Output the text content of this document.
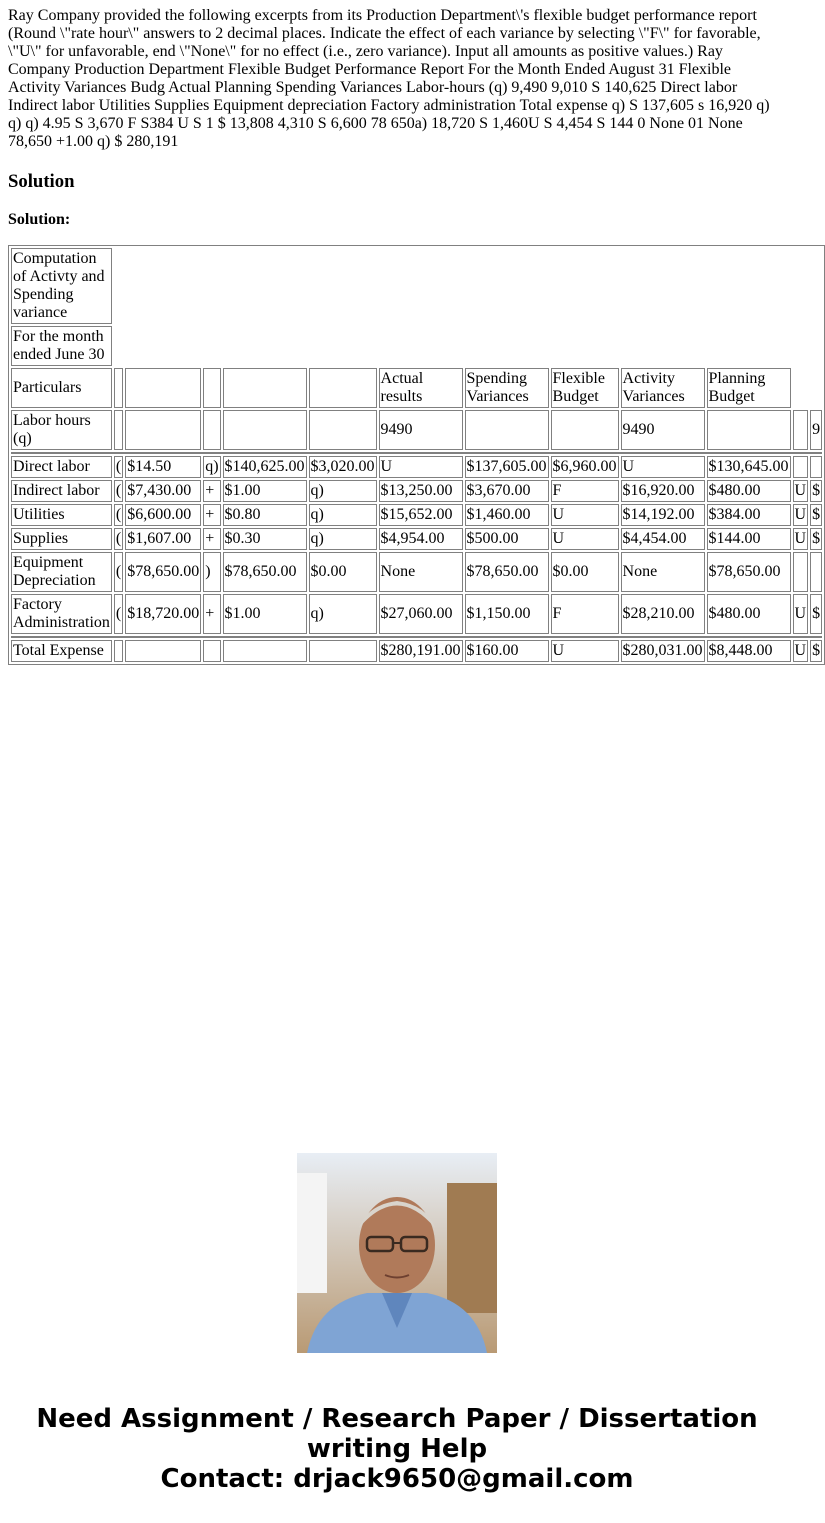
Ray Company provided the following excerpts from its Production Department\'s flexible budget performance report (Round \"rate hour\" answers to 2 decimal places. Indicate the effect of each variance by selecting \"F\" for favorable, \"U\" for unfavorable, end \"None\" for no effect (i.e., zero variance). Input all amounts as positive values.) Ray Company Production Department Flexible Budget Performance Report For the Month Ended August 31 Flexible Activity Variances Budg Actual Planning Spending Variances Labor-hours (q) 9,490 9,010 S 140,625 Direct labor Indirect labor Utilities Supplies Equipment depreciation Factory administration Total expense q) S 137,605 s 16,920 q) q) q) 4.95 S 3,670 F S384 U S 1 $ 13,808 4,310 S 6,600 78 650a) 18,720 S 1,460U S 4,454 S 144 0 None 01 None 78,650 +1.00 q) $ 280,191

Solution

Solution:

Computation of Activty and Spending variance												
For the month ended June 30												
Particulars						Actual results	Spending Variances	Flexible Budget	Activity Variances	Planning Budget		
Labor hours (q)						9490			9490			9

Direct labor	(	$14.50	q)	$140,625.00	$3,020.00	U	$137,605.00	$6,960.00	U	$130,645.00		
Indirect labor	(	$7,430.00	+	$1.00	q)	$13,250.00	$3,670.00	F	$16,920.00	$480.00	U	$
Utilities	(	$6,600.00	+	$0.80	q)	$15,652.00	$1,460.00	U	$14,192.00	$384.00	U	$
Supplies	(	$1,607.00	+	$0.30	q)	$4,954.00	$500.00	U	$4,454.00	$144.00	U	$
Equipment Depreciation	(	$78,650.00	)	$78,650.00	$0.00	None	$78,650.00	$0.00	None	$78,650.00		
Factory Administration	(	$18,720.00	+	$1.00	q)	$27,060.00	$1,150.00	F	$28,210.00	$480.00	U	$

Total Expense						$280,191.00	$160.00	U	$280,031.00	$8,448.00	U	$

Need Assignment / Research Paper / Dissertation
writing Help
Contact: drjack9650@gmail.com
